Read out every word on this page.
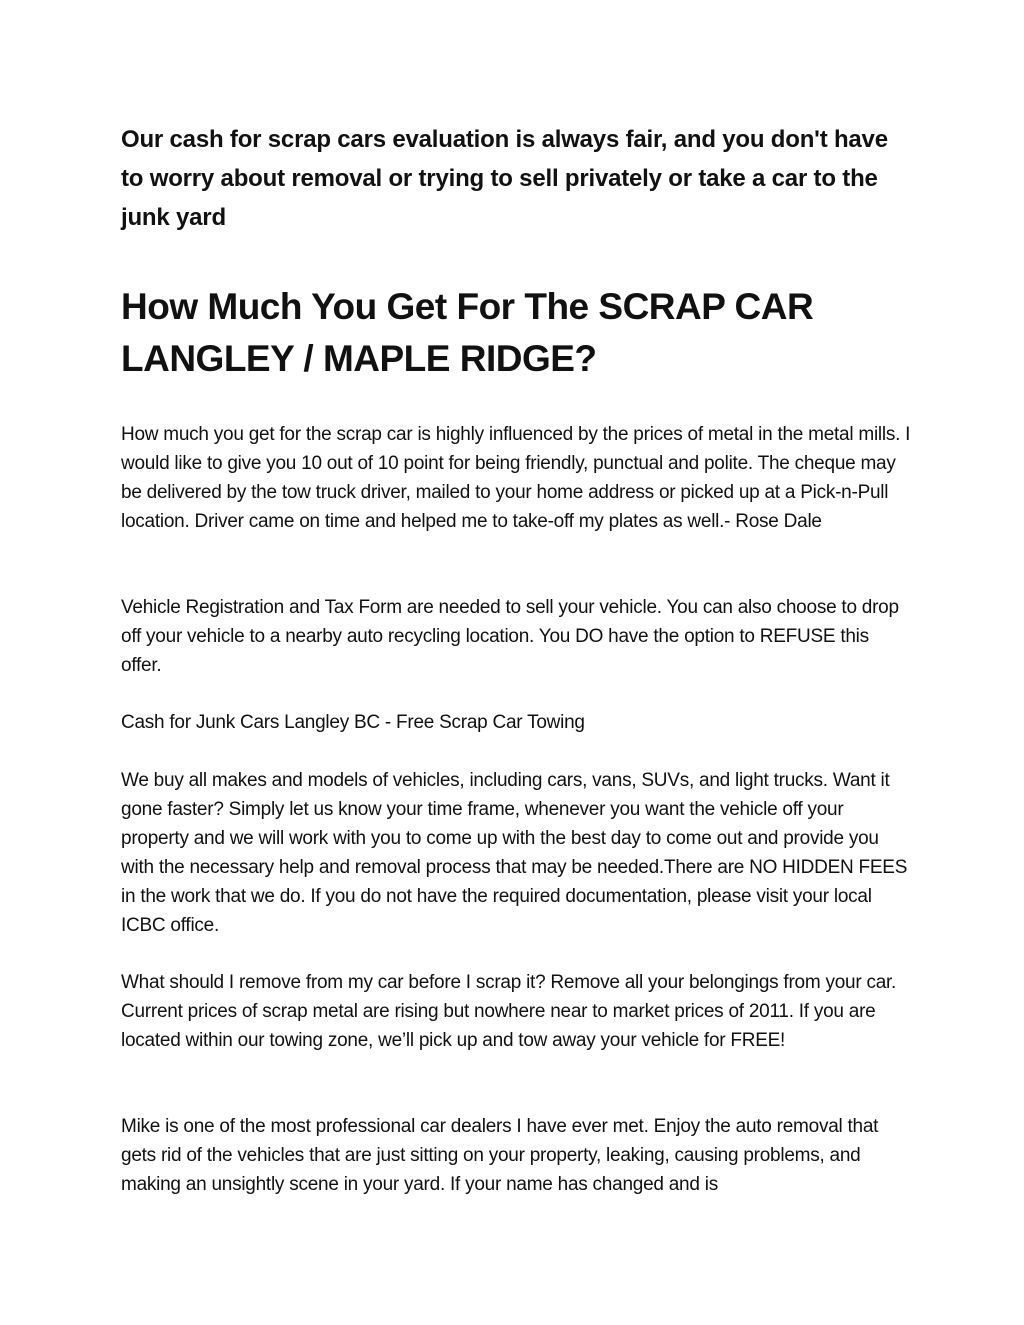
Our cash for scrap cars evaluation is always fair, and you don't have to worry about removal or trying to sell privately or take a car to the junk yard
How Much You Get For The SCRAP CAR LANGLEY / MAPLE RIDGE?

How much you get for the scrap car is highly influenced by the prices of metal in the metal mills. I would like to give you 10 out of 10 point for being friendly, punctual and polite. The cheque may be delivered by the tow truck driver, mailed to your home address or picked up at a Pick-n-Pull location. Driver came on time and helped me to take-off my plates as well.- Rose Dale

Vehicle Registration and Tax Form are needed to sell your vehicle. You can also choose to drop off your vehicle to a nearby auto recycling location. You DO have the option to REFUSE this offer.

Cash for Junk Cars Langley BC - Free Scrap Car Towing

We buy all makes and models of vehicles, including cars, vans, SUVs, and light trucks. Want it gone faster? Simply let us know your time frame, whenever you want the vehicle off your property and we will work with you to come up with the best day to come out and provide you with the necessary help and removal process that may be needed.There are NO HIDDEN FEES in the work that we do. If you do not have the required documentation, please visit your local ICBC office.

What should I remove from my car before I scrap it? Remove all your belongings from your car. Current prices of scrap metal are rising but nowhere near to market prices of 2011. If you are located within our towing zone, we’ll pick up and tow away your vehicle for FREE!

Mike is one of the most professional car dealers I have ever met. Enjoy the auto removal that gets rid of the vehicles that are just sitting on your property, leaking, causing problems, and making an unsightly scene in your yard. If your name has changed and is
